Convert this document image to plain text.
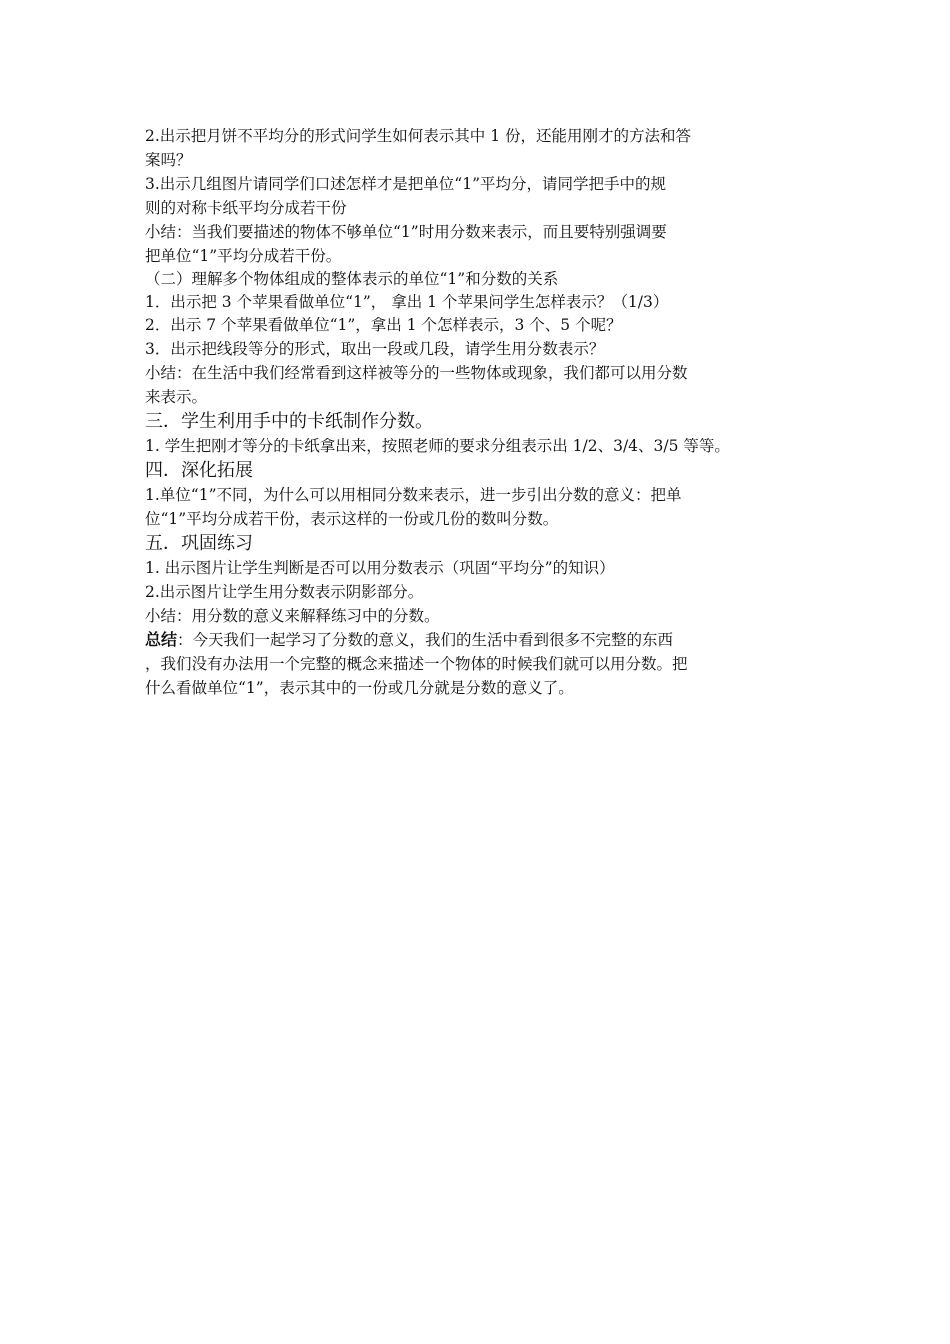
2.出示把月饼不平均分的形式问学生如何表示其中 1 份，还能用刚才的方法和答

案吗？

3.出示几组图片请同学们口述怎样才是把单位“1”平均分，请同学把手中的规

则的对称卡纸平均分成若干份

小结：当我们要描述的物体不够单位“1”时用分数来表示，而且要特别强调要

把单位“1”平均分成若干份。

（二）理解多个物体组成的整体表示的单位“1”和分数的关系

1．出示把 3 个苹果看做单位“1”， 拿出 1 个苹果问学生怎样表示？（1/3）

2．出示 7 个苹果看做单位“1”，拿出 1 个怎样表示，3 个、5 个呢？

3．出示把线段等分的形式，取出一段或几段，请学生用分数表示？

小结：在生活中我们经常看到这样被等分的一些物体或现象，我们都可以用分数

来表示。

三．学生利用手中的卡纸制作分数。

1. 学生把刚才等分的卡纸拿出来，按照老师的要求分组表示出 1/2、3/4、3/5 等等。

四．深化拓展

1.单位“1”不同，为什么可以用相同分数来表示，进一步引出分数的意义：把单

位“1”平均分成若干份，表示这样的一份或几份的数叫分数。

五．巩固练习

1. 出示图片让学生判断是否可以用分数表示（巩固“平均分”的知识）

2.出示图片让学生用分数表示阴影部分。

小结：用分数的意义来解释练习中的分数。

总结：今天我们一起学习了分数的意义，我们的生活中看到很多不完整的东西

，我们没有办法用一个完整的概念来描述一个物体的时候我们就可以用分数。把

什么看做单位“1”，表示其中的一份或几分就是分数的意义了。
